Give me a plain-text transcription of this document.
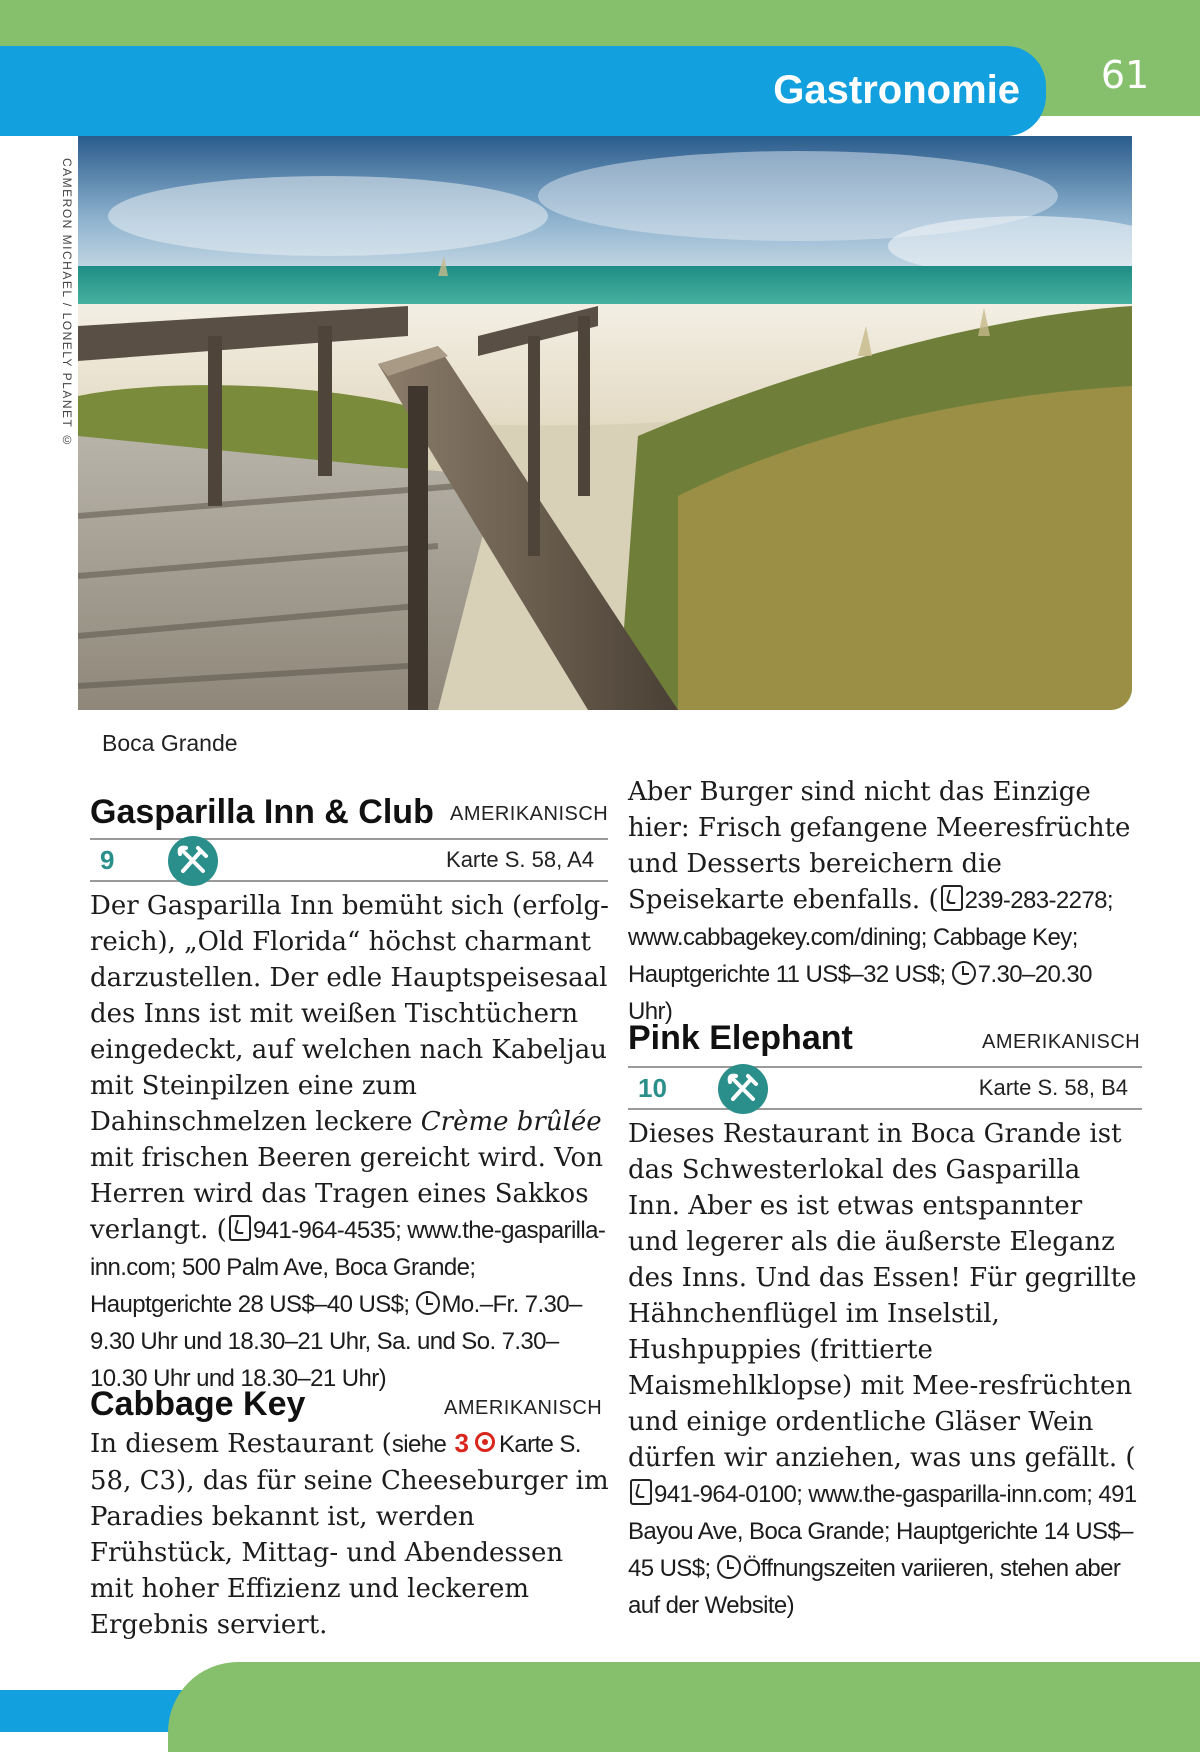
Gastronomie	61
CAMERON MICHAEL / LONELY PLANET ©
Boca Grande
Gasparilla Inn & Club AMERIKANISCH
9	Karte S. 58, A4

Der Gasparilla Inn bemüht sich (erfolg-reich), „Old Florida“ höchst charmant darzustellen. Der edle Hauptspeisesaal des Inns ist mit weißen Tischtüchern eingedeckt, auf welchen nach Kabeljau mit Steinpilzen eine zum Dahinschmelzen leckere Crème brûlée mit frischen Beeren gereicht wird. Von Herren wird das Tragen eines Sakkos verlangt. ( 941-964-4535; www.the-gasparilla-inn.com; 500 Palm Ave, Boca Grande; Hauptgerichte 28 US$–40 US$; Mo.–Fr. 7.30–9.30 Uhr und 18.30–21 Uhr, Sa. und So. 7.30–10.30 Uhr und 18.30–21 Uhr)

Cabbage Key	AMERIKANISCH

In diesem Restaurant (siehe 3 Karte S. 58, C3), das für seine Cheeseburger im Paradies bekannt ist, werden Frühstück, Mittag- und Abendessen mit hoher Effizienz und leckerem Ergebnis serviert.

Aber Burger sind nicht das Einzige hier: Frisch gefangene Meeresfrüchte und Desserts bereichern die Speisekarte ebenfalls. ( 239-283-2278; www.cabbagekey.com/dining; Cabbage Key; Hauptgerichte 11 US$–32 US$; 7.30–20.30 Uhr)

Pink Elephant	AMERIKANISCH
10	Karte S. 58, B4

Dieses Restaurant in Boca Grande ist das Schwesterlokal des Gasparilla Inn. Aber es ist etwas entspannter und legerer als die äußerste Eleganz des Inns. Und das Essen! Für gegrillte Hähnchenflügel im Inselstil, Hushpuppies (frittierte Maismehlklopse) mit Mee-resfrüchten und einige ordentliche Gläser Wein dürfen wir anziehen, was uns gefällt. (941-964-0100; www.the-gasparilla-inn.com; 491 Bayou Ave, Boca Grande; Hauptgerichte 14 US$–45 US$; Öffnungszeiten variieren, stehen aber auf der Website)
